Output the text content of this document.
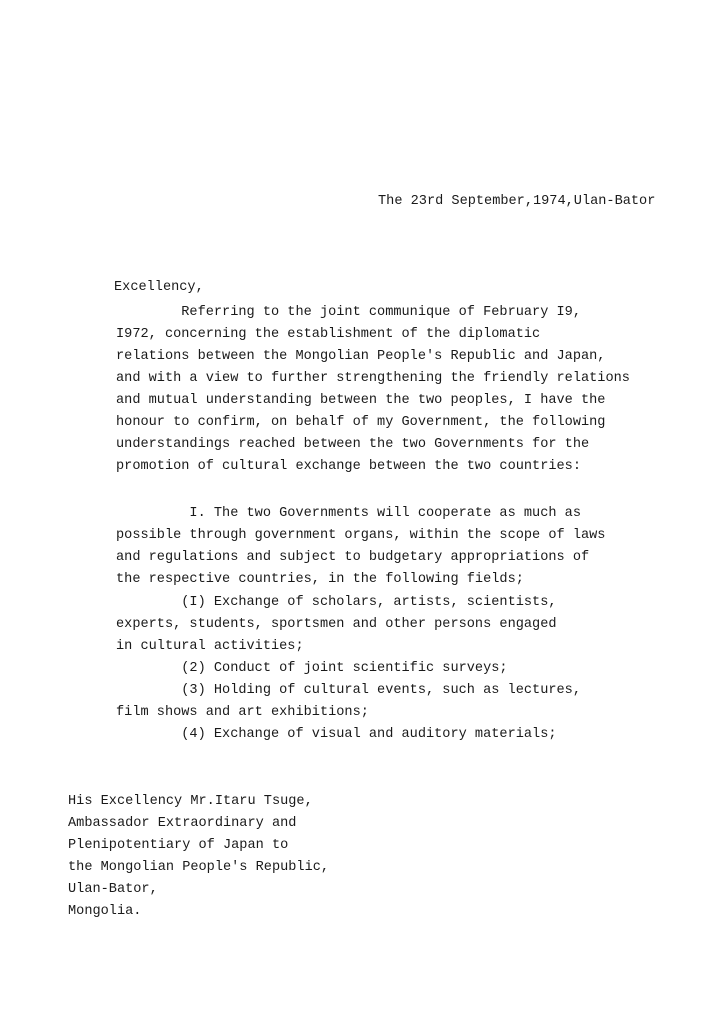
The 23rd September,1974,Ulan-Bator
Excellency,
Referring to the joint communique of February I9,
I972, concerning the establishment of the diplomatic
relations between the Mongolian People's Republic and Japan,
and with a view to further strengthening the friendly relations
and mutual understanding between the two peoples, I have the
honour to confirm, on behalf of my Government, the following
understandings reached between the two Governments for the
promotion of cultural exchange between the two countries:
I. The two Governments will cooperate as much as
possible through government organs, within the scope of laws
and regulations and subject to budgetary appropriations of
the respective countries, in the following fields;
(I) Exchange of scholars, artists, scientists,
experts, students, sportsmen and other persons engaged
in cultural activities;
(2) Conduct of joint scientific surveys;
(3) Holding of cultural events, such as lectures,
film shows and art exhibitions;
(4) Exchange of visual and auditory materials;
His Excellency Mr.Itaru Tsuge,
Ambassador Extraordinary and
Plenipotentiary of Japan to
the Mongolian People's Republic,
Ulan-Bator,
Mongolia.
